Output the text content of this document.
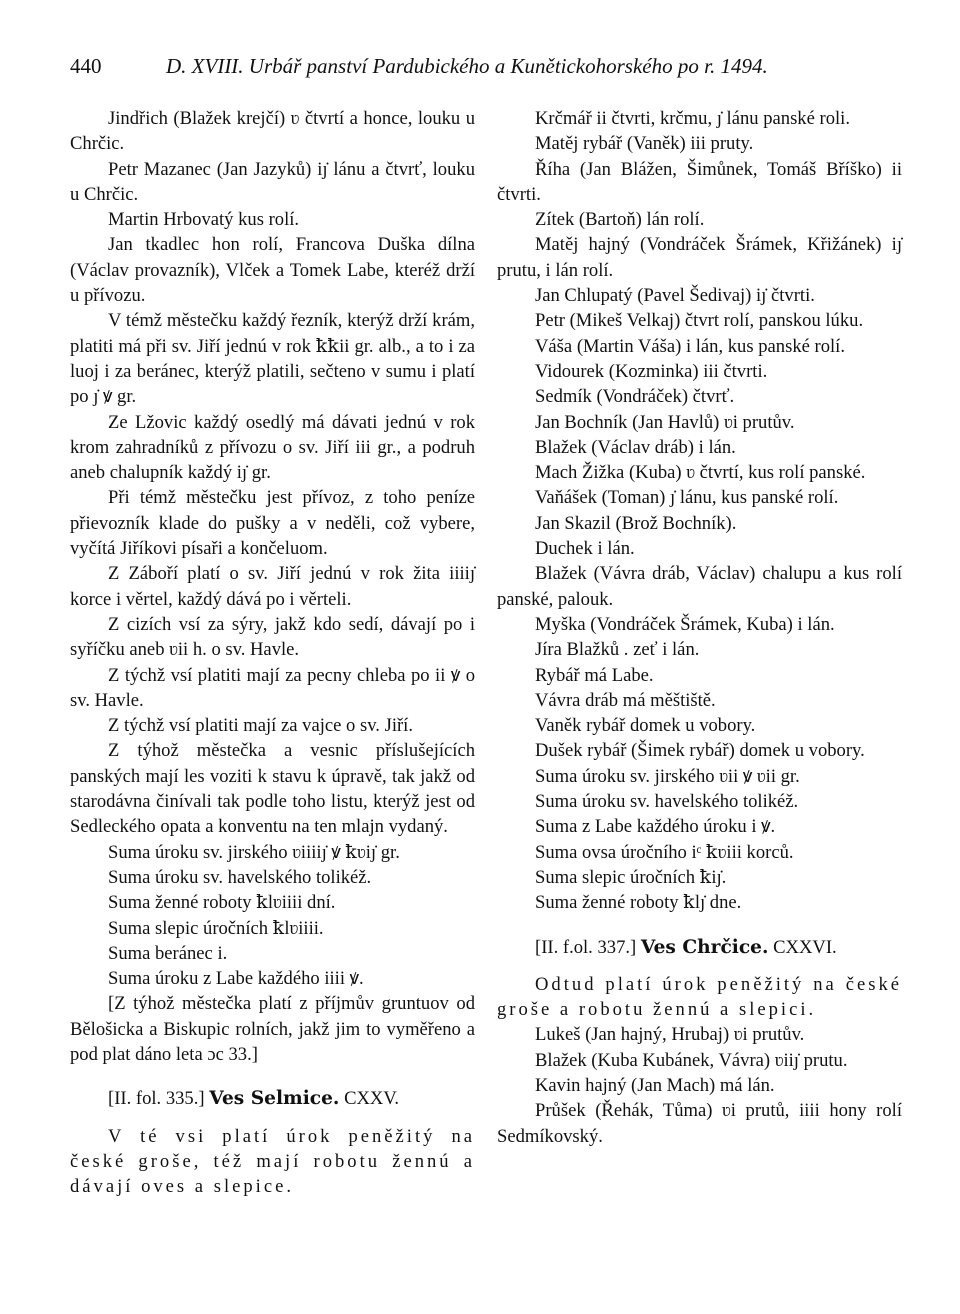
440	D. XVIII. Urbář panství Pardubického a Kunětickohorského po r. 1494.

Jindřich (Blažek krejčí) ʋ čtvrtí a honce, louku u Chrčic.

Petr Mazanec (Jan Jazyků) iȷ̇ lánu a čtvrť, louku u Chrčic.

Martin Hrbovatý kus rolí.

Jan tkadlec hon rolí, Francova Duška dílna (Václav provazník), Vlček a Tomek Labe, kteréž drží u přívozu.

V témž městečku každý řezník, kterýž drží krám, platiti má při sv. Jiří jednú v rok ꝁꝁii gr. alb., a to i za luoj i za beránec, kterýž platili, sečteno v sumu i platí po ȷ̇ ꝟ gr.

Ze Lžovic každý osedlý má dávati jednú v rok krom zahradníků z přívozu o sv. Jiří iii gr., a podruh aneb chalupník každý iȷ̇ gr.

Při témž městečku jest přívoz, z toho peníze přievozník klade do pušky a v neděli, což vybere, vyčítá Jiříkovi písaři a končeluom.

Z Záboří platí o sv. Jiří jednú v rok žita iiiiȷ̇ korce i věrtel, každý dává po i věrteli.

Z cizích vsí za sýry, jakž kdo sedí, dávají po i syříčku aneb ʋii h. o sv. Havle.

Z týchž vsí platiti mají za pecny chleba po ii ꝟ o sv. Havle.

Z týchž vsí platiti mají za vajce o sv. Jiří.

Z týhož městečka a vesnic příslušejících panských mají les voziti k stavu k úpravě, tak jakž od starodávna činívali tak podle toho listu, kterýž jest od Sedleckého opata a konventu na ten mlajn vydaný.

Suma úroku sv. jirského ʋiiiiȷ̇ ꝟ ꝁʋiȷ̇ gr.

Suma úroku sv. havelského tolikéž.

Suma ženné roboty ꝁlʋiiii dní.

Suma slepic úročních ꝁlʋiiii.

Suma beránec i.

Suma úroku z Labe každého iiii ꝟ.

[Z týhož městečka platí z příjmův gruntuov od Bělošicka a Biskupic rolních, jakž jim to vyměřeno a pod plat dáno leta ɔc 33.]

[II. fol. 335.] Ves Selmice. CXXV.

V té vsi platí úrok peněžitý na české groše, též mají robotu žennú a dávají oves a slepice.

Krčmář ii čtvrti, krčmu, ȷ̇ lánu panské roli.

Matěj rybář (Vaněk) iii pruty.

Říha (Jan Blážen, Šimůnek, Tomáš Bříško) ii čtvrti.

Zítek (Bartoň) lán rolí.

Matěj hajný (Vondráček Šrámek, Křižánek) iȷ̇ prutu, i lán rolí.

Jan Chlupatý (Pavel Šedivaj) iȷ̇ čtvrti.

Petr (Mikeš Velkaj) čtvrt rolí, panskou lúku.

Váša (Martin Váša) i lán, kus panské rolí.

Vidourek (Kozminka) iii čtvrti.

Sedmík (Vondráček) čtvrť.

Jan Bochník (Jan Havlů) ʋi prutův.

Blažek (Václav dráb) i lán.

Mach Žižka (Kuba) ʋ čtvrtí, kus rolí panské.

Vaňášek (Toman) ȷ̇ lánu, kus panské rolí.

Jan Skazil (Brož Bochník).

Duchek i lán.

Blažek (Vávra dráb, Václav) chalupu a kus rolí panské, palouk.

Myška (Vondráček Šrámek, Kuba) i lán.

Jíra Blažků . zeť i lán.

Rybář má Labe.

Vávra dráb má měštiště.

Vaněk rybář domek u vobory.

Dušek rybář (Šimek rybář) domek u vobory.

Suma úroku sv. jirského ʋii ꝟ ʋii gr.

Suma úroku sv. havelského tolikéž.

Suma z Labe každého úroku i ꝟ.

Suma ovsa úročního iᶜ ꝁʋiii korců.

Suma slepic úročních ꝁiȷ̇.

Suma ženné roboty ꝁlȷ̇ dne.

[II. f.ol. 337.] Ves Chrčice. CXXVI.

Odtud platí úrok peněžitý na české groše a robotu žennú a slepici.

Lukeš (Jan hajný, Hrubaj) ʋi prutův.

Blažek (Kuba Kubánek, Vávra) ʋiiȷ̇ prutu.

Kavin hajný (Jan Mach) má lán.

Průšek (Řehák, Tůma) ʋi prutů, iiii hony rolí Sedmíkovský.
